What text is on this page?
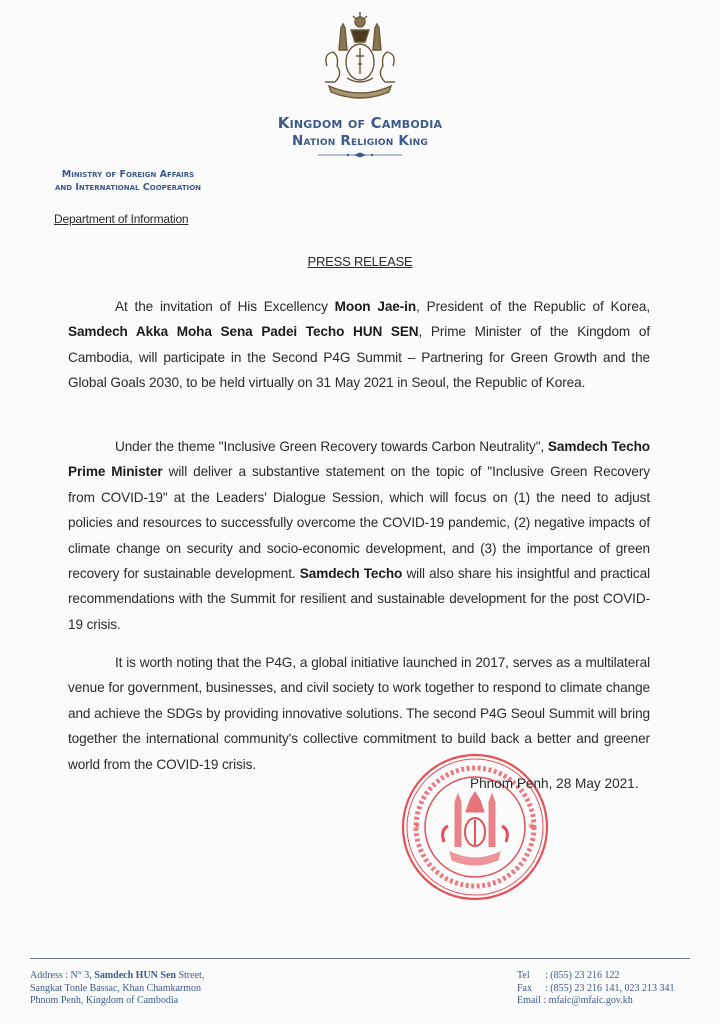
Kingdom of Cambodia
Nation Religion King
Ministry of Foreign Affairs
and International Cooperation
Department of Information
PRESS RELEASE

At the invitation of His Excellency Moon Jae-in, President of the Republic of Korea, Samdech Akka Moha Sena Padei Techo HUN SEN, Prime Minister of the Kingdom of Cambodia, will participate in the Second P4G Summit – Partnering for Green Growth and the Global Goals 2030, to be held virtually on 31 May 2021 in Seoul, the Republic of Korea.

Under the theme "Inclusive Green Recovery towards Carbon Neutrality", Samdech Techo Prime Minister will deliver a substantive statement on the topic of "Inclusive Green Recovery from COVID-19" at the Leaders' Dialogue Session, which will focus on (1) the need to adjust policies and resources to successfully overcome the COVID-19 pandemic, (2) negative impacts of climate change on security and socio-economic development, and (3) the importance of green recovery for sustainable development. Samdech Techo will also share his insightful and practical recommendations with the Summit for resilient and sustainable development for the post COVID-19 crisis.

It is worth noting that the P4G, a global initiative launched in 2017, serves as a multilateral venue for government, businesses, and civil society to work together to respond to climate change and achieve the SDGs by providing innovative solutions. The second P4G Seoul Summit will bring together the international community's collective commitment to build back a better and greener world from the COVID-19 crisis.

*	*
Phnom Penh, 28 May 2021.
Address : N° 3, Samdech HUN Sen Street,
Sangkat Tonle Bassac, Khan Chamkarmon
Phnom Penh, Kingdom of Cambodia
Tel : (855) 23 216 122
Fax : (855) 23 216 141, 023 213 341
Email : mfaic@mfaic.gov.kh
